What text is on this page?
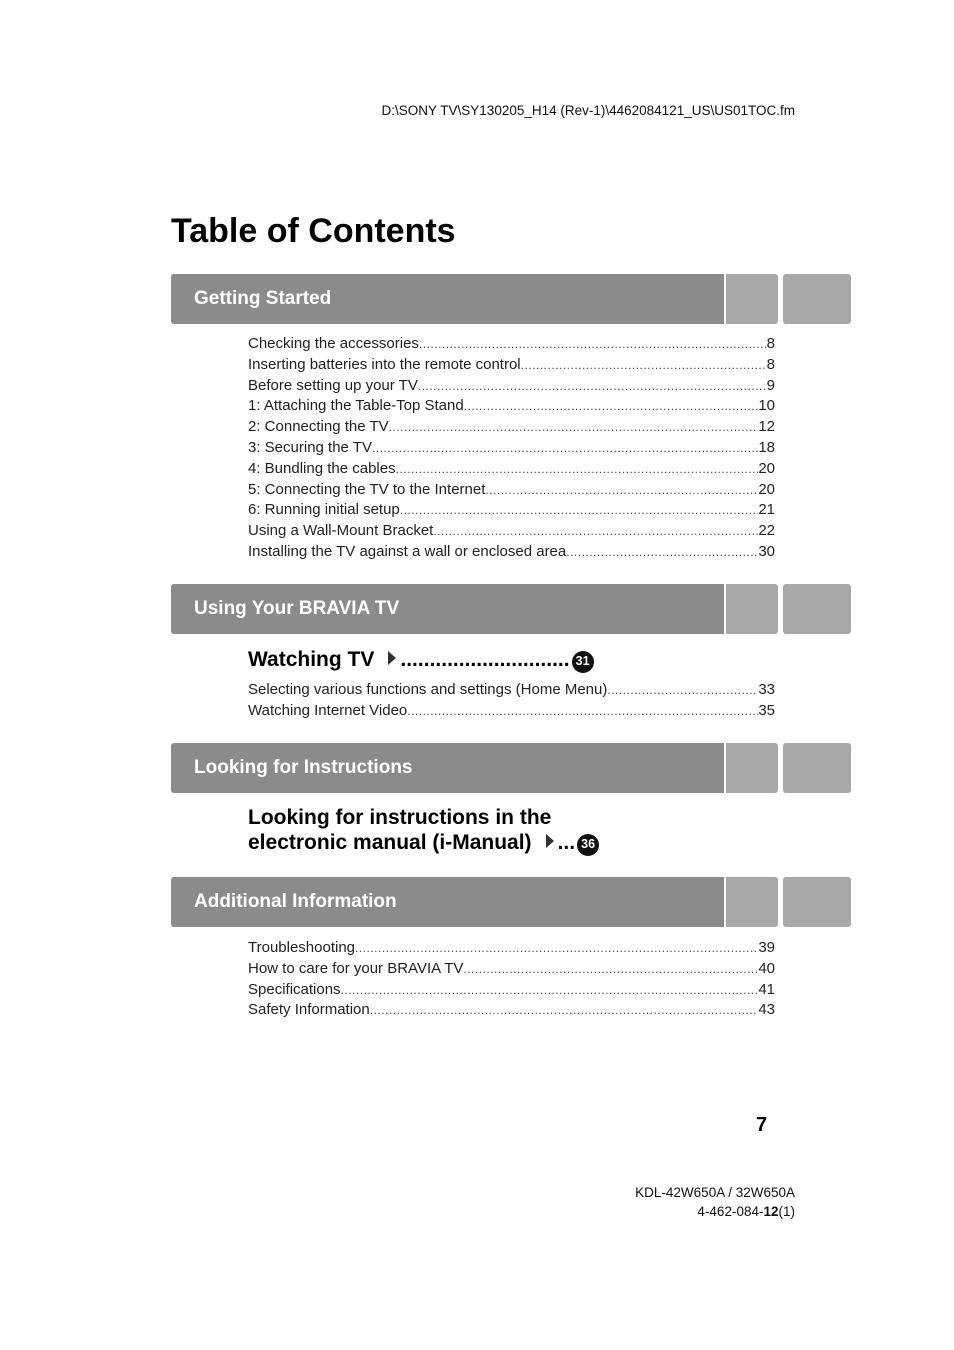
D:\SONY TV\SY130205_H14 (Rev-1)\4462084121_US\US01TOC.fm
Table of Contents
Getting Started
Checking the accessories .....	8
Inserting batteries into the remote control .....	8
Before setting up your TV .....	9
1: Attaching the Table-Top Stand .....	10
2: Connecting the TV .....	12
3: Securing the TV .....	18
4: Bundling the cables .....	20
5: Connecting the TV to the Internet .....	20
6: Running initial setup .....	21
Using a Wall-Mount Bracket .....	22
Installing the TV against a wall or enclosed area .....	30
Using Your BRAVIA TV
Watching TV ............................. 31
Selecting various functions and settings (Home Menu) .....	33
Watching Internet Video .....	35
Looking for Instructions
Looking for instructions in the
electronic manual (i-Manual) ... 36
Additional Information
Troubleshooting .....	39
How to care for your BRAVIA TV .....	40
Specifications .....	41
Safety Information .....	43
7
KDL-42W650A / 32W650A
4-462-084-12(1)
